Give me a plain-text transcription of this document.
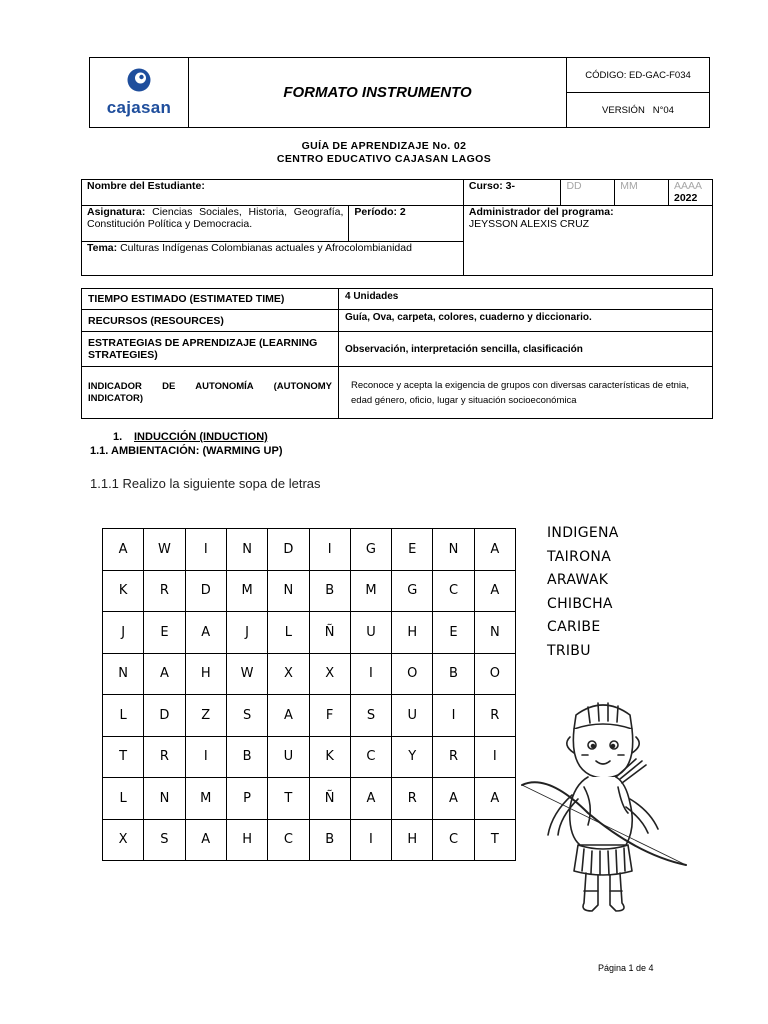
cajasan
	FORMATO INSTRUMENTO	CÓDIGO: ED-GAC-F034
VERSIÓN   N°04
GUÍA DE APRENDIZAJE No. 02
CENTRO EDUCATIVO CAJASAN LAGOS
Nombre del Estudiante:		Curso: 3-	DD	MM	AAAA
2022

Asignatura: Ciencias Sociales, Historia, Geografía, Constitución Política y Democracia.	Período: 2	Administrador del programa:
JEYSSON ALEXIS CRUZ			

Tema: Culturas Indígenas Colombianas actuales y Afrocolombianidad					
TIEMPO ESTIMADO (ESTIMATED TIME)	4 Unidades
RECURSOS (RESOURCES)	Guía, Ova, carpeta, colores, cuaderno y diccionario.
ESTRATEGIAS DE APRENDIZAJE (LEARNING STRATEGIES)	Observación, interpretación sencilla, clasificación
INDICADOR DE AUTONOMÍA (AUTONOMY INDICATOR)	Reconoce y acepta la exigencia de grupos con diversas características de etnia, edad género, oficio, lugar y situación socioeconómica
1. INDUCCIÓN (INDUCTION)
1.1. AMBIENTACIÓN: (WARMING UP)
1.1.1 Realizo la siguiente sopa de letras
A	W	I	N	D	I	G	E	N	A
K	R	D	M	N	B	M	G	C	A
J	E	A	J	L	Ñ	U	H	E	N
N	A	H	W	X	X	I	O	B	O
L	D	Z	S	A	F	S	U	I	R
T	R	I	B	U	K	C	Y	R	I
L	N	M	P	T	Ñ	A	R	A	A
X	S	A	H	C	B	I	H	C	T
INDIGENA
TAIRONA
ARAWAK
CHIBCHA
CARIBE
TRIBU
Página 1 de 4
